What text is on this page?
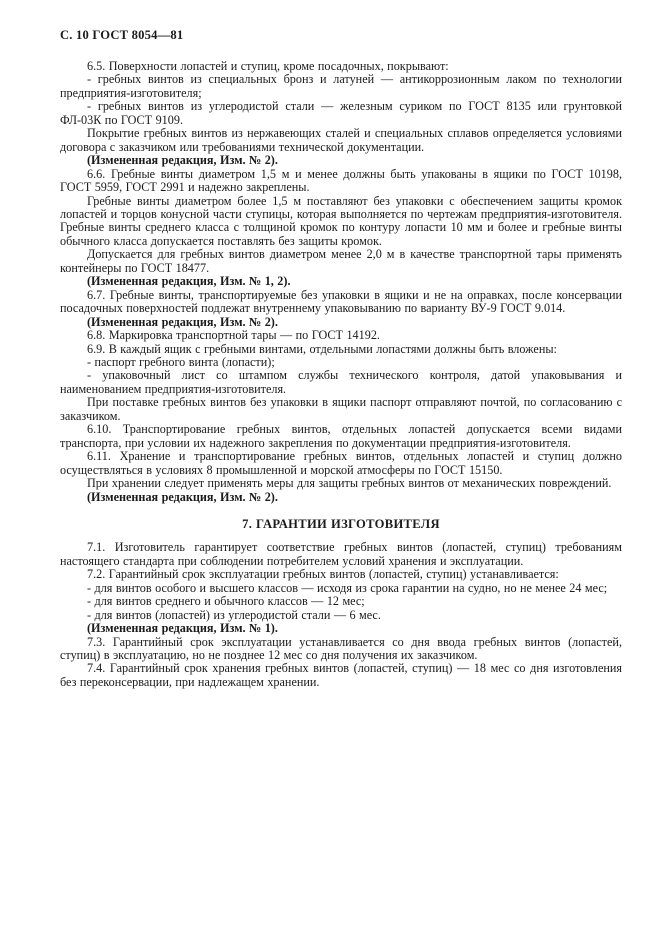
С. 10 ГОСТ 8054—81

6.5. Поверхности лопастей и ступиц, кроме посадочных, покрывают:

- гребных винтов из специальных бронз и латуней — антикоррозионным лаком по технологии предприятия-изготовителя;

- гребных винтов из углеродистой стали — железным суриком по ГОСТ 8135 или грунтовкой ФЛ-03К по ГОСТ 9109.

Покрытие гребных винтов из нержавеющих сталей и специальных сплавов определяется условиями договора с заказчиком или требованиями технической документации.

(Измененная редакция, Изм. № 2).

6.6. Гребные винты диаметром 1,5 м и менее должны быть упакованы в ящики по ГОСТ 10198, ГОСТ 5959, ГОСТ 2991 и надежно закреплены.

Гребные винты диаметром более 1,5 м поставляют без упаковки с обеспечением защиты кромок лопастей и торцов конусной части ступицы, которая выполняется по чертежам предприятия-изготовителя. Гребные винты среднего класса с толщиной кромок по контуру лопасти 10 мм и более и гребные винты обычного класса допускается поставлять без защиты кромок.

Допускается для гребных винтов диаметром менее 2,0 м в качестве транспортной тары применять контейнеры по ГОСТ 18477.

(Измененная редакция, Изм. № 1, 2).

6.7. Гребные винты, транспортируемые без упаковки в ящики и не на оправках, после консервации посадочных поверхностей подлежат внутреннему упаковыванию по варианту ВУ-9 ГОСТ 9.014.

(Измененная редакция, Изм. № 2).

6.8. Маркировка транспортной тары — по ГОСТ 14192.

6.9. В каждый ящик с гребными винтами, отдельными лопастями должны быть вложены:

- паспорт гребного винта (лопасти);

- упаковочный лист со штампом службы технического контроля, датой упаковывания и наименованием предприятия-изготовителя.

При поставке гребных винтов без упаковки в ящики паспорт отправляют почтой, по согласованию с заказчиком.

6.10. Транспортирование гребных винтов, отдельных лопастей допускается всеми видами транспорта, при условии их надежного закрепления по документации предприятия-изготовителя.

6.11. Хранение и транспортирование гребных винтов, отдельных лопастей и ступиц должно осуществляться в условиях 8 промышленной и морской атмосферы по ГОСТ 15150.

При хранении следует применять меры для защиты гребных винтов от механических повреждений.

(Измененная редакция, Изм. № 2).

7. ГАРАНТИИ ИЗГОТОВИТЕЛЯ

7.1. Изготовитель гарантирует соответствие гребных винтов (лопастей, ступиц) требованиям настоящего стандарта при соблюдении потребителем условий хранения и эксплуатации.

7.2. Гарантийный срок эксплуатации гребных винтов (лопастей, ступиц) устанавливается:

- для винтов особого и высшего классов — исходя из срока гарантии на судно, но не менее 24 мес;

- для винтов среднего и обычного классов — 12 мес;

- для винтов (лопастей) из углеродистой стали — 6 мес.

(Измененная редакция, Изм. № 1).

7.3. Гарантийный срок эксплуатации устанавливается со дня ввода гребных винтов (лопастей, ступиц) в эксплуатацию, но не позднее 12 мес со дня получения их заказчиком.

7.4. Гарантийный срок хранения гребных винтов (лопастей, ступиц) — 18 мес со дня изготовления без переконсервации, при надлежащем хранении.
